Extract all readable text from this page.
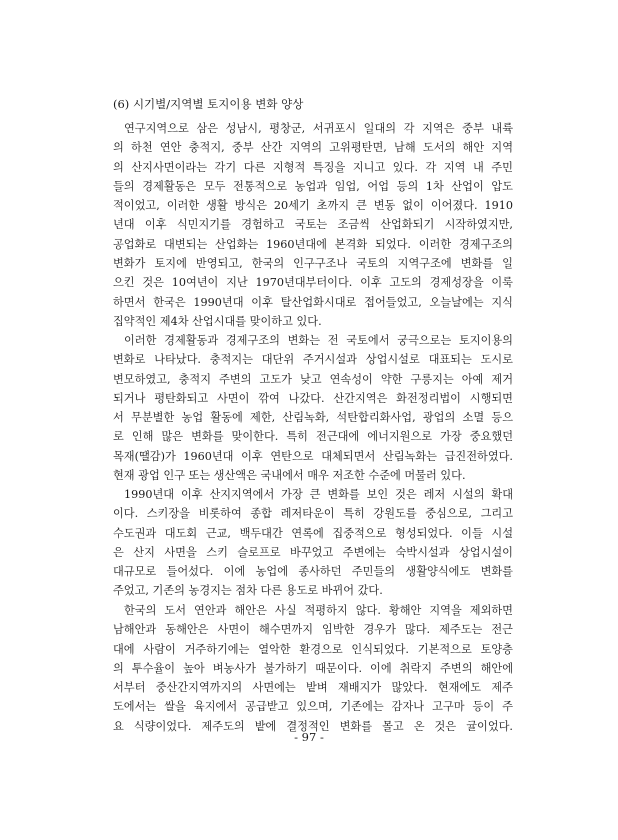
(6) 시기별/지역별 토지이용 변화 양상

연구지역으로 삼은 성남시, 평창군, 서귀포시 일대의 각 지역은 중부 내륙
의 하천 연안 충적지, 중부 산간 지역의 고위평탄면, 남해 도서의 해안 지역
의 산지사면이라는 각기 다른 지형적 특징을 지니고 있다. 각 지역 내 주민
들의 경제활동은 모두 전통적으로 농업과 임업, 어업 등의 1차 산업이 압도
적이었고, 이러한 생활 방식은 20세기 초까지 큰 변동 없이 이어졌다. 1910
년대 이후 식민지기를 경험하고 국토는 조금씩 산업화되기 시작하였지만,
공업화로 대변되는 산업화는 1960년대에 본격화 되었다. 이러한 경제구조의
변화가 토지에 반영되고, 한국의 인구구조나 국토의 지역구조에 변화를 일
으킨 것은 10여년이 지난 1970년대부터이다. 이후 고도의 경제성장을 이룩
하면서 한국은 1990년대 이후 탈산업화시대로 접어들었고, 오늘날에는 지식
집약적인 제4차 산업시대를 맞이하고 있다.

이러한 경제활동과 경제구조의 변화는 전 국토에서 궁극으로는 토지이용의
변화로 나타났다. 충적지는 대단위 주거시설과 상업시설로 대표되는 도시로
변모하였고, 충적지 주변의 고도가 낮고 연속성이 약한 구릉지는 아예 제거
되거나 평탄화되고 사면이 깎여 나갔다. 산간지역은 화전정리법이 시행되면
서 무분별한 농업 활동에 제한, 산림녹화, 석탄합리화사업, 광업의 소멸 등으
로 인해 많은 변화를 맞이한다. 특히 전근대에 에너지원으로 가장 중요했던
목재(땔감)가 1960년대 이후 연탄으로 대체되면서 산림녹화는 급진전하였다.
현재 광업 인구 또는 생산액은 국내에서 매우 저조한 수준에 머물러 있다.

1990년대 이후 산지지역에서 가장 큰 변화를 보인 것은 레저 시설의 확대
이다. 스키장을 비롯하여 종합 레저타운이 특히 강원도를 중심으로, 그리고
수도권과 대도회 근교, 백두대간 연록에 집중적으로 형성되었다. 이들 시설
은 산지 사면을 스키 슬로프로 바꾸었고 주변에는 숙박시설과 상업시설이
대규모로 들어섰다. 이에 농업에 종사하던 주민들의 생활양식에도 변화를
주었고, 기존의 농경지는 점차 다른 용도로 바뀌어 갔다.

한국의 도서 연안과 해안은 사실 적평하지 않다. 황해안 지역을 제외하면
남해안과 동해안은 사면이 해수면까지 임박한 경우가 많다. 제주도는 전근
대에 사람이 거주하기에는 열악한 환경으로 인식되었다. 기본적으로 토양층
의 투수율이 높아 벼농사가 불가하기 때문이다. 이에 취락지 주변의 해안에
서부터 중산간지역까지의 사면에는 밭벼 재배지가 많았다. 현재에도 제주
도에서는 쌀을 육지에서 공급받고 있으며, 기존에는 감자나 고구마 등이 주
요 식량이었다. 제주도의 밭에 결정적인 변화를 몰고 온 것은 귤이었다.

- 97 -
